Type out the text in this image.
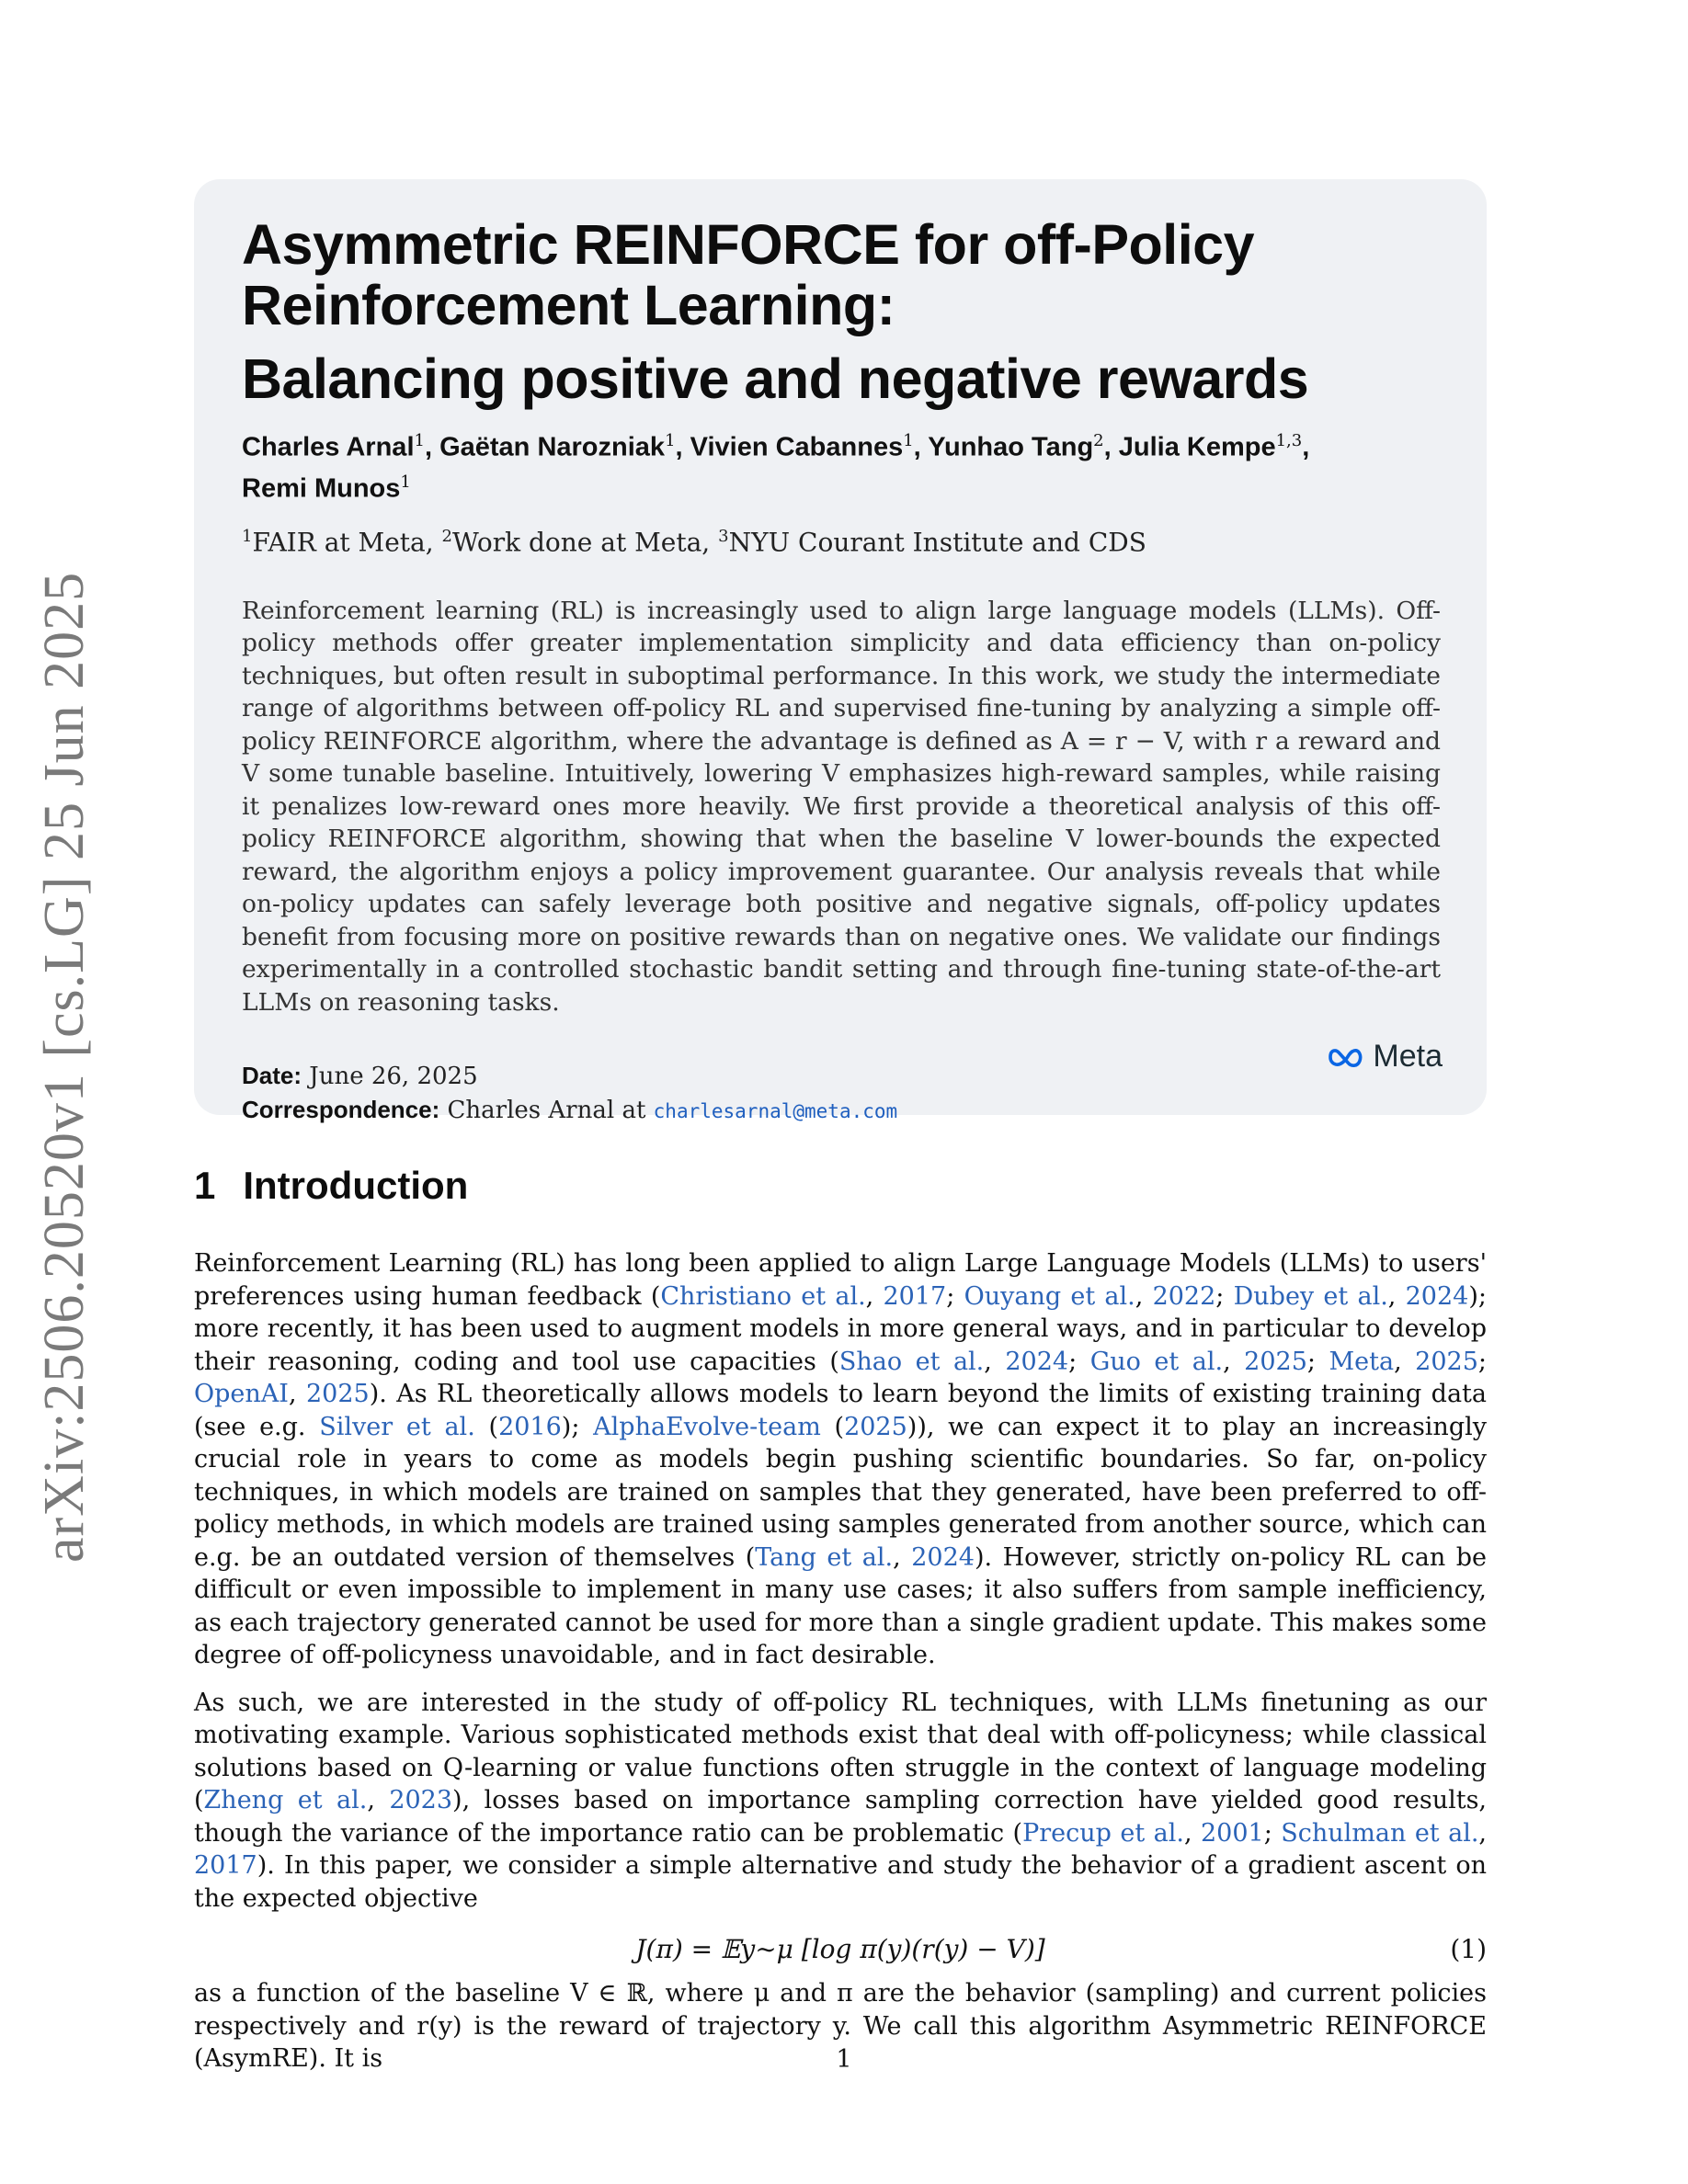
arXiv:2506.20520v1 [cs.LG] 25 Jun 2025
Asymmetric REINFORCE for off-Policy
Reinforcement Learning:
Balancing positive and negative rewards
Charles Arnal$^1$, Gaëtan Narozniak$^1$, Vivien Cabannes$^1$, Yunhao Tang$^2$, Julia Kempe$^{1,3}$,
Remi Munos$^1$
$^1$FAIR at Meta, $^2$Work done at Meta, $^3$NYU Courant Institute and CDS

Reinforcement learning (RL) is increasingly used to align large language models (LLMs). Off-policy methods offer greater implementation simplicity and data efficiency than on-policy techniques, but often result in suboptimal performance. In this work, we study the intermediate range of algorithms between off-policy RL and supervised fine-tuning by analyzing a simple off-policy REINFORCE algorithm, where the advantage is defined as A = r − V, with r a reward and V some tunable baseline. Intuitively, lowering V emphasizes high-reward samples, while raising it penalizes low-reward ones more heavily. We first provide a theoretical analysis of this off-policy REINFORCE algorithm, showing that when the baseline V lower-bounds the expected reward, the algorithm enjoys a policy improvement guarantee. Our analysis reveals that while on-policy updates can safely leverage both positive and negative signals, off-policy updates benefit from focusing more on positive rewards than on negative ones. We validate our findings experimentally in a controlled stochastic bandit setting and through fine-tuning state-of-the-art LLMs on reasoning tasks.

Date: June 26, 2025
Correspondence: Charles Arnal at charlesarnal@meta.com
Meta
1 Introduction

Reinforcement Learning (RL) has long been applied to align Large Language Models (LLMs) to users' preferences using human feedback (Christiano et al., 2017; Ouyang et al., 2022; Dubey et al., 2024); more recently, it has been used to augment models in more general ways, and in particular to develop their reasoning, coding and tool use capacities (Shao et al., 2024; Guo et al., 2025; Meta, 2025; OpenAI, 2025). As RL theoretically allows models to learn beyond the limits of existing training data (see e.g. Silver et al. (2016); AlphaEvolve-team (2025)), we can expect it to play an increasingly crucial role in years to come as models begin pushing scientific boundaries. So far, on-policy techniques, in which models are trained on samples that they generated, have been preferred to off-policy methods, in which models are trained using samples generated from another source, which can e.g. be an outdated version of themselves (Tang et al., 2024). However, strictly on-policy RL can be difficult or even impossible to implement in many use cases; it also suffers from sample inefficiency, as each trajectory generated cannot be used for more than a single gradient update. This makes some degree of off-policyness unavoidable, and in fact desirable.

As such, we are interested in the study of off-policy RL techniques, with LLMs finetuning as our motivating example. Various sophisticated methods exist that deal with off-policyness; while classical solutions based on Q-learning or value functions often struggle in the context of language modeling (Zheng et al., 2023), losses based on importance sampling correction have yielded good results, though the variance of the importance ratio can be problematic (Precup et al., 2001; Schulman et al., 2017). In this paper, we consider a simple alternative and study the behavior of a gradient ascent on the expected objective

J(π) = 𝔼y∼μ [log π(y)(r(y) − V)]	(1)

as a function of the baseline V ∈ ℝ, where μ and π are the behavior (sampling) and current policies respectively and r(y) is the reward of trajectory y. We call this algorithm Asymmetric REINFORCE (AsymRE). It is	1
